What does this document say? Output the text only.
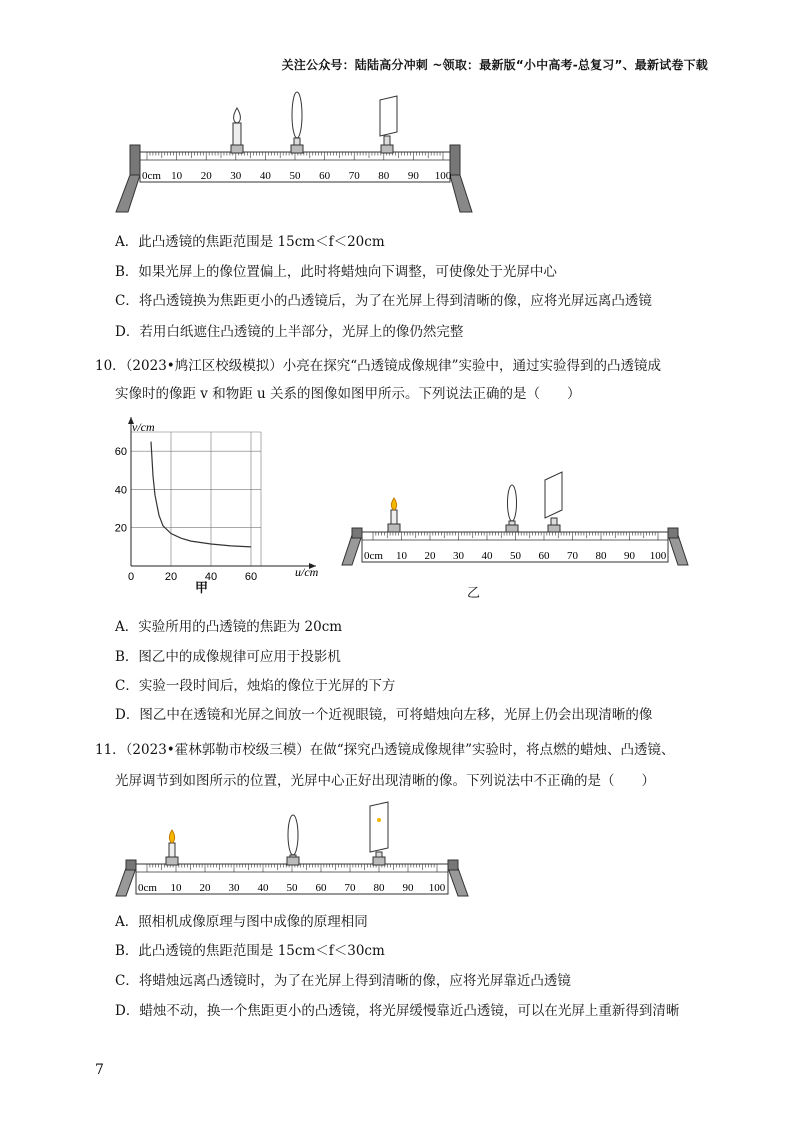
关注公众号：陆陆高分冲刺 ~领取：最新版“小中高考-总复习”、最新试卷下载
0cm 10 20 30 40 50 60 70 80 90 100
A．此凸透镜的焦距范围是 15cm＜f＜20cm
B．如果光屏上的像位置偏上，此时将蜡烛向下调整，可使像处于光屏中心
C．将凸透镜换为焦距更小的凸透镜后，为了在光屏上得到清晰的像，应将光屏远离凸透镜
D．若用白纸遮住凸透镜的上半部分，光屏上的像仍然完整
10．（2023•鸠江区校级模拟）小亮在探究“凸透镜成像规律”实验中，通过实验得到的凸透镜成
实像时的像距 v 和物距 u 关系的图像如图甲所示。下列说法正确的是（　　）
0	20	40	60
20
40
60
v/cm
u/cm
甲
0cm 10 20 30 40 50 60 70 80 90 100
乙
A．实验所用的凸透镜的焦距为 20cm
B．图乙中的成像规律可应用于投影机
C．实验一段时间后，烛焰的像位于光屏的下方
D．图乙中在透镜和光屏之间放一个近视眼镜，可将蜡烛向左移，光屏上仍会出现清晰的像
11．（2023•霍林郭勒市校级三模）在做“探究凸透镜成像规律”实验时，将点燃的蜡烛、凸透镜、
光屏调节到如图所示的位置，光屏中心正好出现清晰的像。下列说法中不正确的是（　　）
0cm 10 20 30 40 50 60 70 80 90 100
A．照相机成像原理与图中成像的原理相同
B．此凸透镜的焦距范围是 15cm＜f＜30cm
C．将蜡烛远离凸透镜时，为了在光屏上得到清晰的像，应将光屏靠近凸透镜
D．蜡烛不动，换一个焦距更小的凸透镜，将光屏缓慢靠近凸透镜，可以在光屏上重新得到清晰
7
